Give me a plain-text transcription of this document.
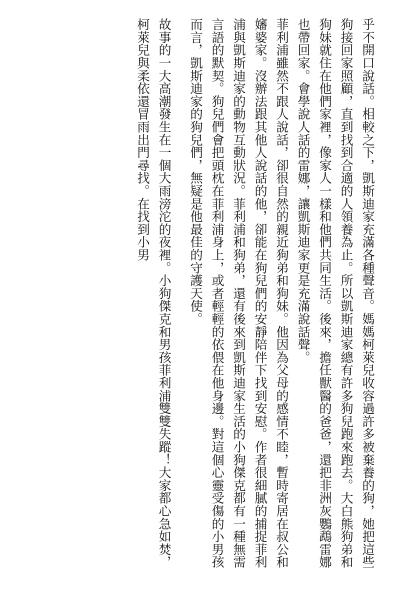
乎不開口說話。相較之下，凱斯迪家充滿各種聲音。媽媽柯萊兒收容過許多被棄養的狗，她把這些狗接回家照顧，直到找到合適的人領養為止。所以凱斯迪家總有許多狗兒跑來跑去。大白熊狗弟和狗妹就住在他們家裡，像家人一樣和他們共同生活。後來，擔任獸醫的爸爸，還把非洲灰鸚鵡雷娜也帶回家。會學說人話的雷娜，讓凱斯迪家更是充滿說話聲。

菲利浦雖然不跟人說話，卻很自然的親近狗弟和狗妹。他因為父母的感情不睦，暫時寄居在叔公和嬸婆家。沒辦法跟其他人說話的他，卻能在狗兒們的安靜陪伴下找到安慰。作者很細膩的捕捉菲利浦與凱斯迪家的動物互動狀況。菲利浦和狗弟，還有後來到凱斯迪家生活的小狗傑克都有一種無需言語的默契。狗兒們會把頭枕在菲利浦身上，或者輕輕的依偎在他身邊。對這個心靈受傷的小男孩而言，凱斯迪家的狗兒們，無疑是他最佳的守護天使。

故事的一大高潮發生在一個大雨滂沱的夜裡。小狗傑克和男孩菲利浦雙雙失蹤！大家都心急如焚，柯萊兒與柔依還冒雨出門尋找。在找到小男
